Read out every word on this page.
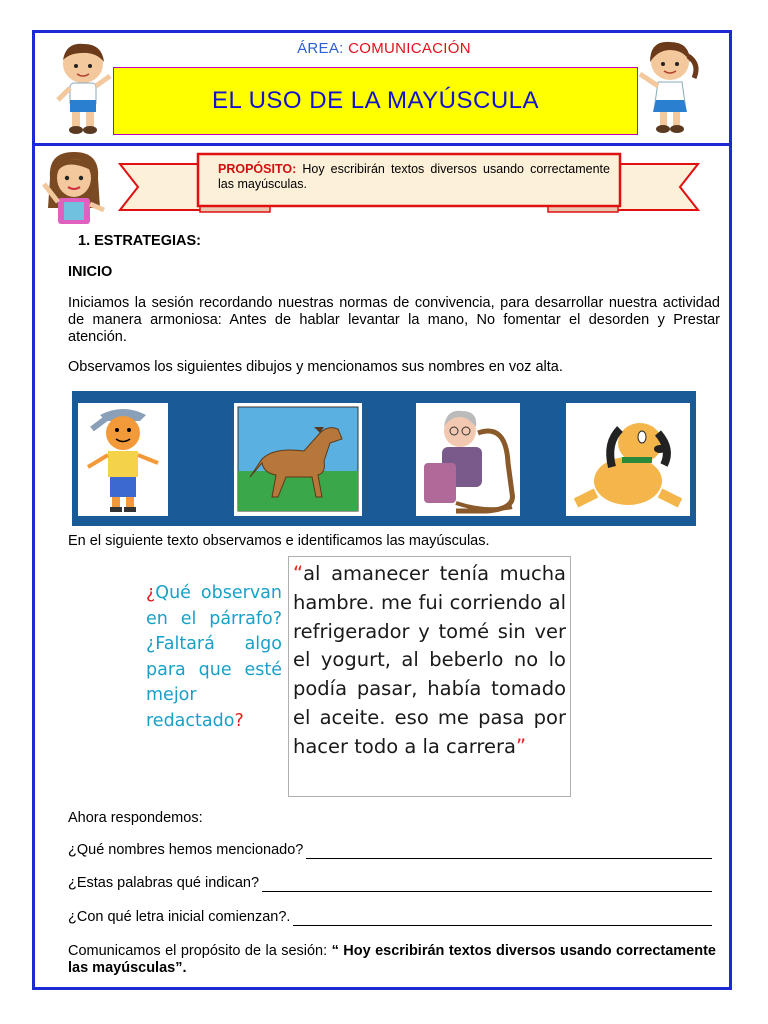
ÁREA: COMUNICACIÓN
EL USO DE LA MAYÚSCULA
PROPÓSITO: Hoy escribirán textos diversos usando correctamente las mayúsculas.
1. ESTRATEGIAS:
INICIO
Iniciamos la sesión recordando nuestras normas de convivencia, para desarrollar nuestra actividad de manera armoniosa: Antes de hablar levantar la mano, No fomentar el desorden y Prestar atención.
Observamos los siguientes dibujos y mencionamos sus nombres en voz alta.
En el siguiente texto observamos e identificamos las mayúsculas.
¿Qué observan en el párrafo? ¿Faltará algo para que esté mejor redactado?
“al amanecer tenía mucha hambre. me fui corriendo al refrigerador y tomé sin ver el yogurt, al beberlo no lo podía pasar, había tomado el aceite. eso me pasa por hacer todo a la carrera”
Ahora respondemos:
¿Qué nombres hemos mencionado?
¿Estas palabras qué indican?
¿Con qué letra inicial comienzan?.
Comunicamos el propósito de la sesión: “ Hoy escribirán textos diversos usando correctamente las mayúsculas”.
